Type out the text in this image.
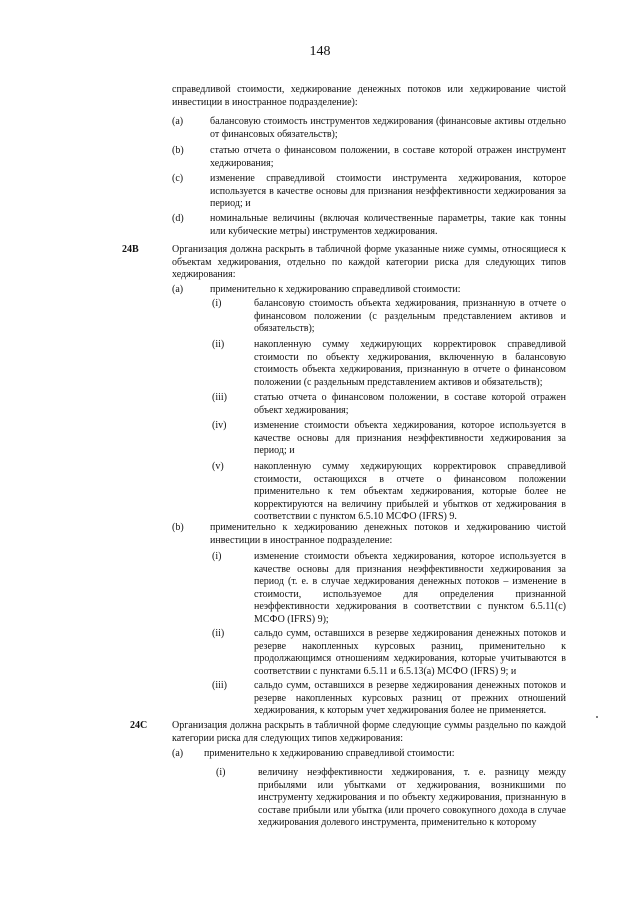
148
справедливой стоимости, хеджирование денежных потоков или хеджирование чистой инвестиции в иностранное подразделение):
(a)	балансовую стоимость инструментов хеджирования (финансовые активы отдельно от финансовых обязательств);
(b)	статью отчета о финансовом положении, в составе которой отражен инструмент хеджирования;
(c)	изменение справедливой стоимости инструмента хеджирования, которое используется в качестве основы для признания неэффективности хеджирования за период; и
(d)	номинальные величины (включая количественные параметры, такие как тонны или кубические метры) инструментов хеджирования.
24B	Организация должна раскрыть в табличной форме указанные ниже суммы, относящиеся к объектам хеджирования, отдельно по каждой категории риска для следующих типов хеджирования:
(a)	применительно к хеджированию справедливой стоимости:
(i)	балансовую стоимость объекта хеджирования, признанную в отчете о финансовом положении (с раздельным представлением активов и обязательств);
(ii)	накопленную сумму хеджирующих корректировок справедливой стоимости по объекту хеджирования, включенную в балансовую стоимость объекта хеджирования, признанную в отчете о финансовом положении (с раздельным представлением активов и обязательств);
(iii)	статью отчета о финансовом положении, в составе которой отражен объект хеджирования;
(iv)	изменение стоимости объекта хеджирования, которое используется в качестве основы для признания неэффективности хеджирования за период; и
(v)	накопленную сумму хеджирующих корректировок справедливой стоимости, остающихся в отчете о финансовом положении применительно к тем объектам хеджирования, которые более не корректируются на величину прибылей и убытков от хеджирования в соответствии с пунктом 6.5.10 МСФО (IFRS) 9.
(b)	применительно к хеджированию денежных потоков и хеджированию чистой инвестиции в иностранное подразделение:
(i)	изменение стоимости объекта хеджирования, которое используется в качестве основы для признания неэффективности хеджирования за период (т. е. в случае хеджирования денежных потоков – изменение в стоимости, используемое для определения признанной неэффективности хеджирования в соответствии с пунктом 6.5.11(c) МСФО (IFRS) 9);
(ii)	сальдо сумм, оставшихся в резерве хеджирования денежных потоков и резерве накопленных курсовых разниц, применительно к продолжающимся отношениям хеджирования, которые учитываются в соответствии с пунктами 6.5.11 и 6.5.13(a) МСФО (IFRS) 9; и
(iii)	сальдо сумм, оставшихся в резерве хеджирования денежных потоков и резерве накопленных курсовых разниц от прежних отношений хеджирования, к которым учет хеджирования более не применяется.
24C Организация должна раскрыть в табличной форме следующие суммы раздельно по каждой категории риска для следующих типов хеджирования:
(a) применительно к хеджированию справедливой стоимости:
(i)	величину неэффективности хеджирования, т. е. разницу между прибылями или убытками от хеджирования, возникшими по инструменту хеджирования и по объекту хеджирования, признанную в составе прибыли или убытка (или прочего совокупного дохода в случае хеджирования долевого инструмента, применительно к которому
